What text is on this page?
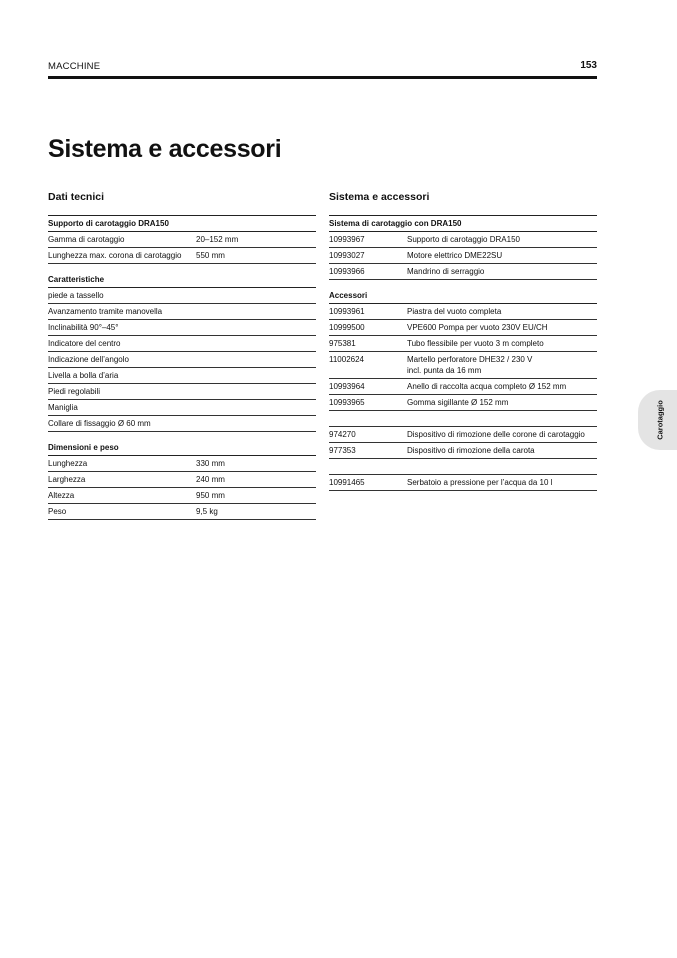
MACCHINE	153
Sistema e accessori
Dati tecnici
Supporto di carotaggio DRA150
Gamma di carotaggio	20–152 mm
Lunghezza max. corona di carotaggio	550 mm
Caratteristiche
piede a tassello
Avanzamento tramite manovella
Inclinabilità 90°–45°
Indicatore del centro
Indicazione dell’angolo
Livella a bolla d’aria
Piedi regolabili
Maniglia
Collare di fissaggio Ø 60 mm
Dimensioni e peso
Lunghezza	330 mm
Larghezza	240 mm
Altezza	950 mm
Peso	9,5 kg
Sistema e accessori
Sistema di carotaggio con DRA150
10993967	Supporto di carotaggio DRA150
10993027	Motore elettrico DME22SU
10993966	Mandrino di serraggio
Accessori
10993961	Piastra del vuoto completa
10999500	VPE600 Pompa per vuoto 230V EU/CH
975381	Tubo flessibile per vuoto 3 m completo
11002624	Martello perforatore DHE32 / 230 V
incl. punta da 16 mm
10993964	Anello di raccolta acqua completo Ø 152 mm
10993965	Gomma sigillante Ø 152 mm
974270	Dispositivo di rimozione delle corone di carotaggio
977353	Dispositivo di rimozione della carota
10991465	Serbatoio a pressione per l’acqua da 10 l
Carotaggio
